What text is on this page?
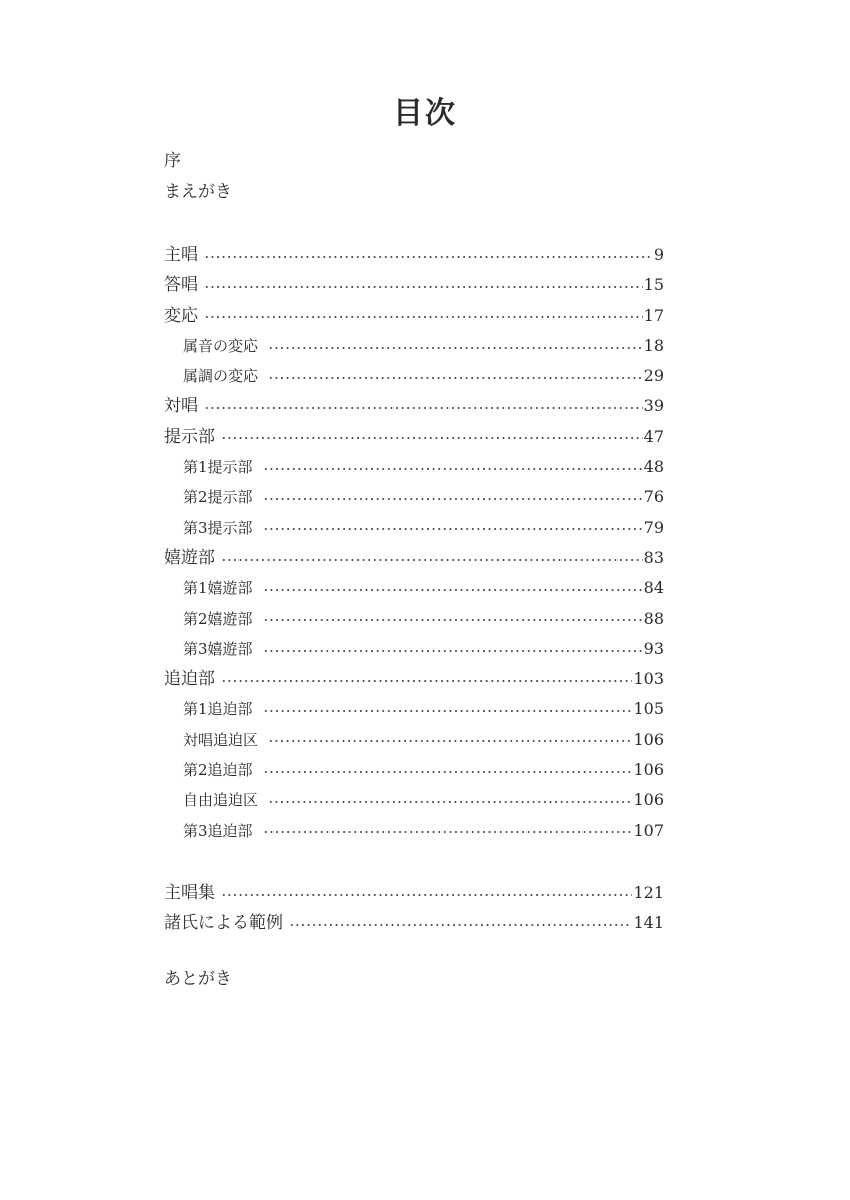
目次
序
まえがき
主唱	9
答唱	15
変応	17
属音の変応	18
属調の変応	29
対唱	39
提示部	47
第1提示部	48
第2提示部	76
第3提示部	79
嬉遊部	83
第1嬉遊部	84
第2嬉遊部	88
第3嬉遊部	93
追迫部	103
第1追迫部	105
対唱追迫区	106
第2追迫部	106
自由追迫区	106
第3追迫部	107
主唱集	121
諸氏による範例	141
あとがき
